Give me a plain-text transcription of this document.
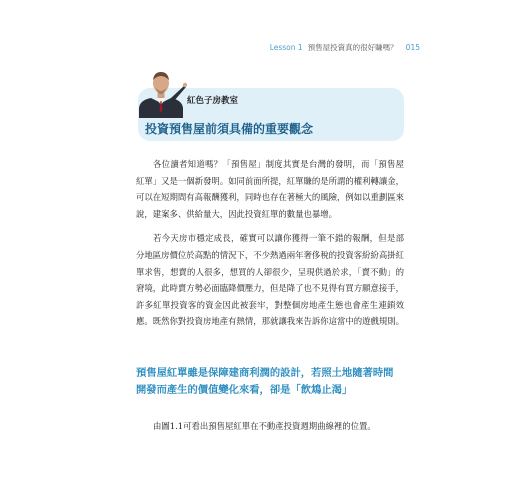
Lesson 1 預售屋投資真的很好賺嗎？ 015
紅色子房教室
投資預售屋前須具備的重要觀念

各位讀者知道嗎？「預售屋」制度其實是台灣的發明，而「預售屋紅單」又是一個新發明。如同前面所提，紅單賺的是所謂的權利轉讓金，可以在短期間有高報酬獲利，同時也存在著極大的風險，例如以重劃區來說，建案多、供給量大，因此投資紅單的數量也暴增。

若今天房市穩定成長，確實可以讓你獲得一筆不錯的報酬，但是部分地區房價位於高點的情況下，不少熱過兩年奢侈稅的投資客紛紛高掛紅單求售，想賣的人很多，想買的人卻很少，呈現供過於求，「賣不動」的窘境，此時賣方勢必面臨降價壓力，但是降了也不見得有買方願意接手，許多紅單投資客的資金因此被套牢，對整個房地產生態也會產生連鎖效應。既然你對投資房地產有熱情，那就讓我來告訴你這當中的遊戲規則。

預售屋紅單雖是保障建商利潤的設計，若照土地隨著時間
開發而產生的價值變化來看，卻是「飲鴆止渴」
由圖1.1可看出預售屋紅單在不動產投資週期曲線裡的位置。
